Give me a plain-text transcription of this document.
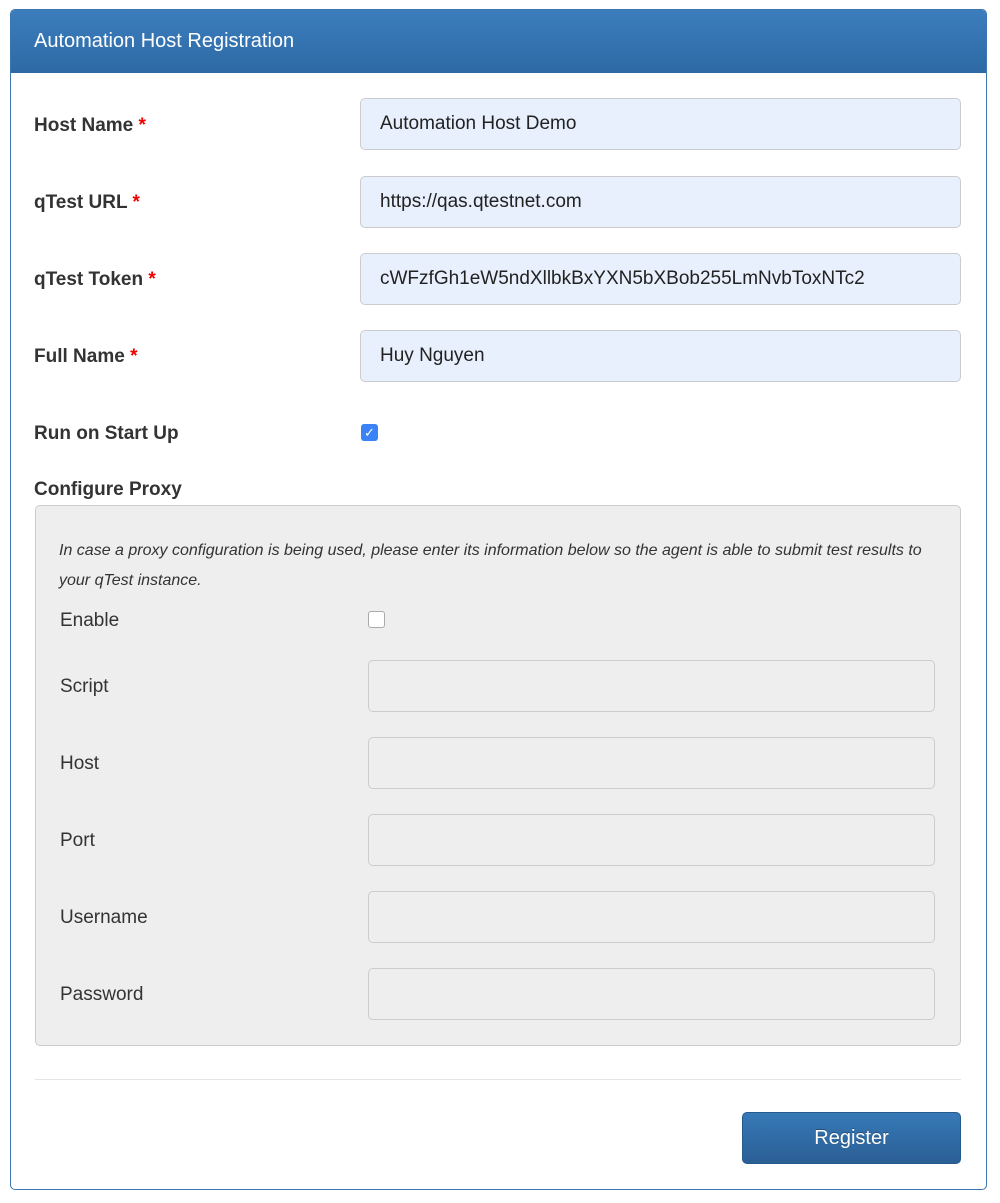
Automation Host Registration
Host Name *	Automation Host Demo
qTest URL *	https://qas.qtestnet.com
qTest Token *	cWFzfGh1eW5ndXllbkBxYXN5bXBob255LmNvbToxNTc2
Full Name *	Huy Nguyen
Run on Start Up	✓
Configure Proxy
In case a proxy configuration is being used, please enter its information below so the agent is able to submit test results to your qTest instance.
Enable
Script
Host
Port
Username
Password
Register
